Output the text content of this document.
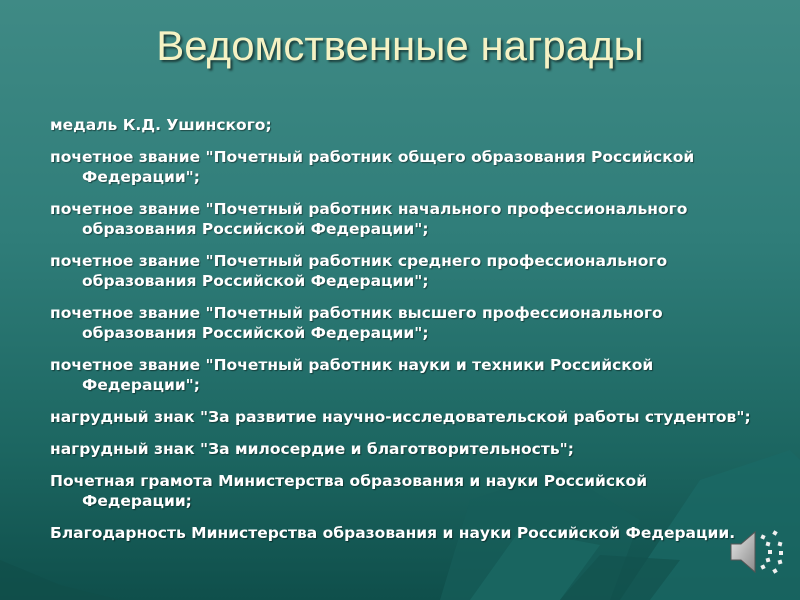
Ведомственные награды
медаль К.Д. Ушинского;
почетное звание "Почетный работник общего образования Российской Федерации";
почетное звание "Почетный работник начального профессионального образования Российской Федерации";
почетное звание "Почетный работник среднего профессионального образования Российской Федерации";
почетное звание "Почетный работник высшего профессионального образования Российской Федерации";
почетное звание "Почетный работник науки и техники Российской Федерации";
нагрудный знак "За развитие научно-исследовательской работы студентов";
нагрудный знак "За милосердие и благотворительность";
Почетная грамота Министерства образования и науки Российской Федерации;
Благодарность Министерства образования и науки Российской Федерации.
